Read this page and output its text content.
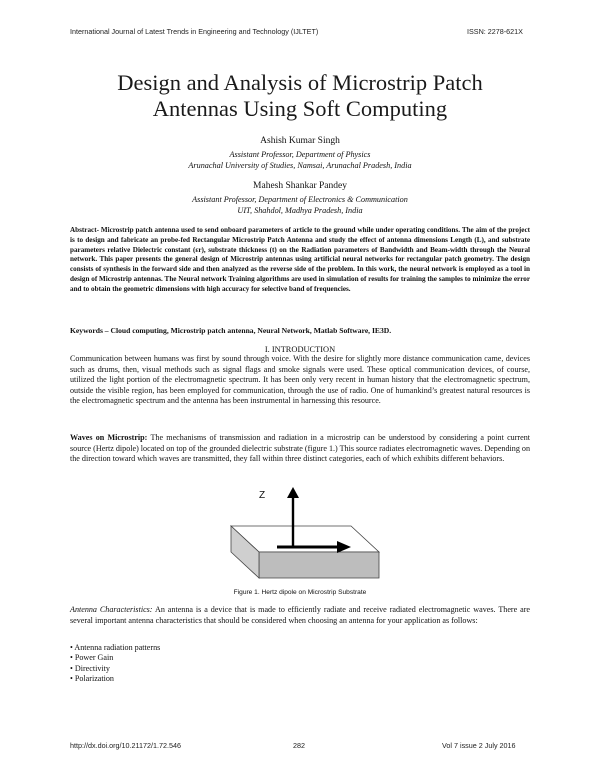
International Journal of Latest Trends in Engineering and Technology (IJLTET)	ISSN: 2278-621X
Design and Analysis of Microstrip Patch
Antennas Using Soft Computing
Ashish Kumar Singh
Assistant Professor, Department of Physics
Arunachal University of Studies, Namsai, Arunachal Pradesh, India
Mahesh Shankar Pandey
Assistant Professor, Department of Electronics & Communication
UIT, Shahdol, Madhya Pradesh, India
Abstract- Microstrip patch antenna used to send onboard parameters of article to the ground while under operating conditions. The aim of the project is to design and fabricate an probe-fed Rectangular Microstrip Patch Antenna and study the effect of antenna dimensions Length (L), and substrate parameters relative Dielectric constant (εr), substrate thickness (t) on the Radiation parameters of Bandwidth and Beam-width through the Neural network. This paper presents the general design of Microstrip antennas using artificial neural networks for rectangular patch geometry. The design consists of synthesis in the forward side and then analyzed as the reverse side of the problem. In this work, the neural network is employed as a tool in design of Microstrip antennas. The Neural network Training algorithms are used in simulation of results for training the samples to minimize the error and to obtain the geometric dimensions with high accuracy for selective band of frequencies.
Keywords – Cloud computing, Microstrip patch antenna, Neural Network, Matlab Software, IE3D.
I. INTRODUCTION
Communication between humans was first by sound through voice. With the desire for slightly more distance communication came, devices such as drums, then, visual methods such as signal flags and smoke signals were used. These optical communication devices, of course, utilized the light portion of the electromagnetic spectrum. It has been only very recent in human history that the electromagnetic spectrum, outside the visible region, has been employed for communication, through the use of radio. One of humankind’s greatest natural resources is the electromagnetic spectrum and the antenna has been instrumental in harnessing this resource.
Waves on Microstrip: The mechanisms of transmission and radiation in a microstrip can be understood by considering a point current source (Hertz dipole) located on top of the grounded dielectric substrate (figure 1.) This source radiates electromagnetic waves. Depending on the direction toward which waves are transmitted, they fall within three distinct categories, each of which exhibits different behaviors.
Z
Figure 1. Hertz dipole on Microstrip Substrate
Antenna Characteristics: An antenna is a device that is made to efficiently radiate and receive radiated electromagnetic waves. There are several important antenna characteristics that should be considered when choosing an antenna for your application as follows:
• Antenna radiation patterns
• Power Gain
• Directivity
• Polarization
http://dx.doi.org/10.21172/1.72.546	282	Vol 7 issue 2 July 2016
